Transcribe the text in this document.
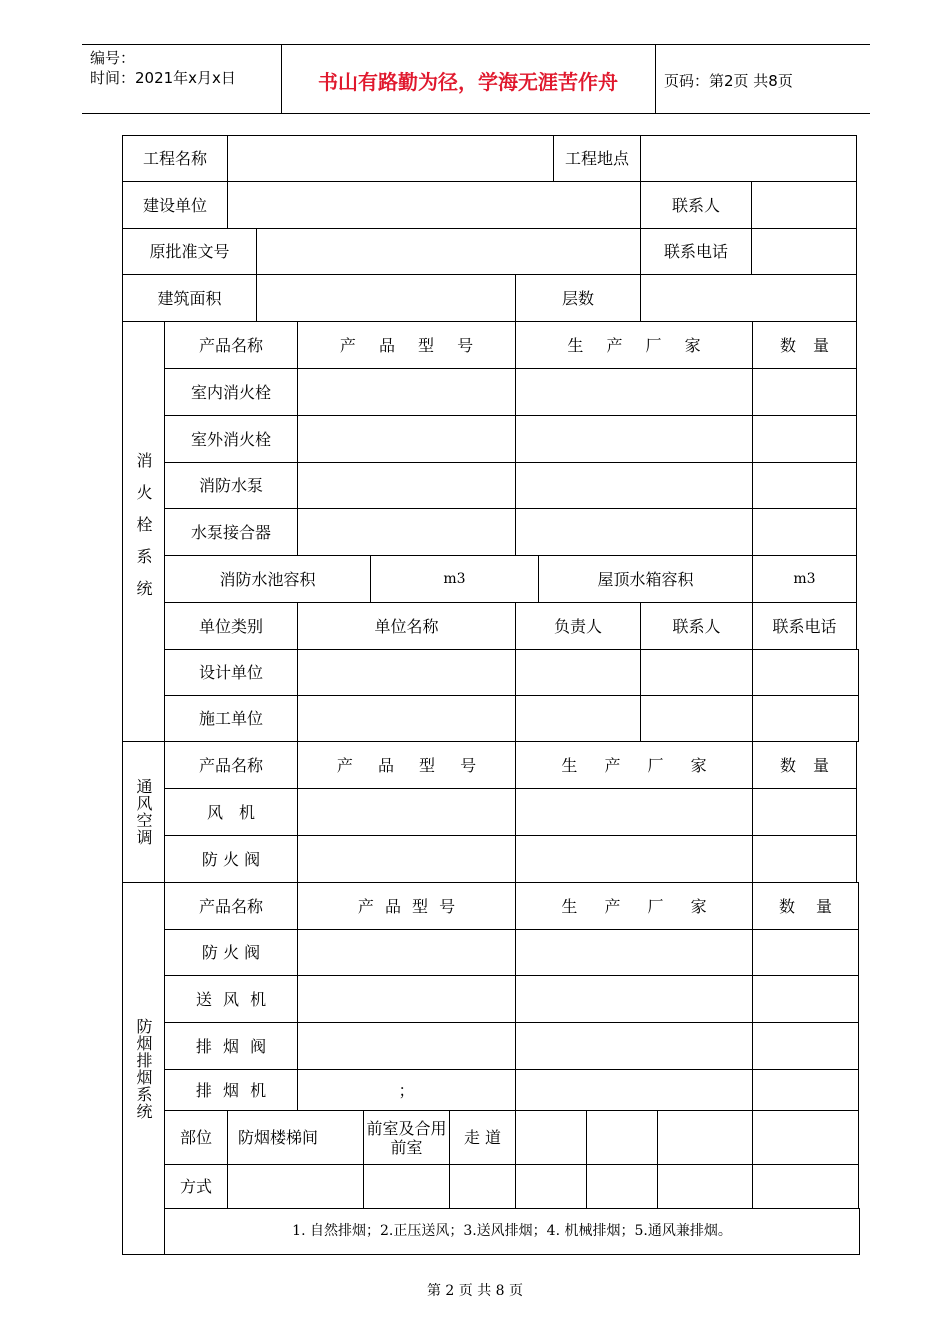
编号：
时间：2021年x月x日	书山有路勤为径，学海无涯苦作舟	页码：第2页 共8页
工程名称	工程地点
建设单位	联系人
原批准文号	联系电话
建筑面积	层数
消火栓系统
产品名称	产 品 型 号	生 产 厂 家	数 量
室内消火栓
室外消火栓
消防水泵
水泵接合器
消防水池容积	m3	屋顶水箱容积	m3
单位类别	单位名称	负责人	联系人	联系电话
设计单位
施工单位
通风空调
产品名称	产 品 型 号	生 产 厂 家	数 量
风　机
防 火 阀
防烟排烟系统
产品名称	产 品 型 号	生 产 厂 家	数 量
防 火 阀
送 风 机
排 烟 阀
排 烟 机	；
部位	防烟楼梯间	前室及合用前室	走 道
方式
1. 自然排烟；2.正压送风；3.送风排烟；4. 机械排烟；5.通风兼排烟。
第 2 页 共 8 页
